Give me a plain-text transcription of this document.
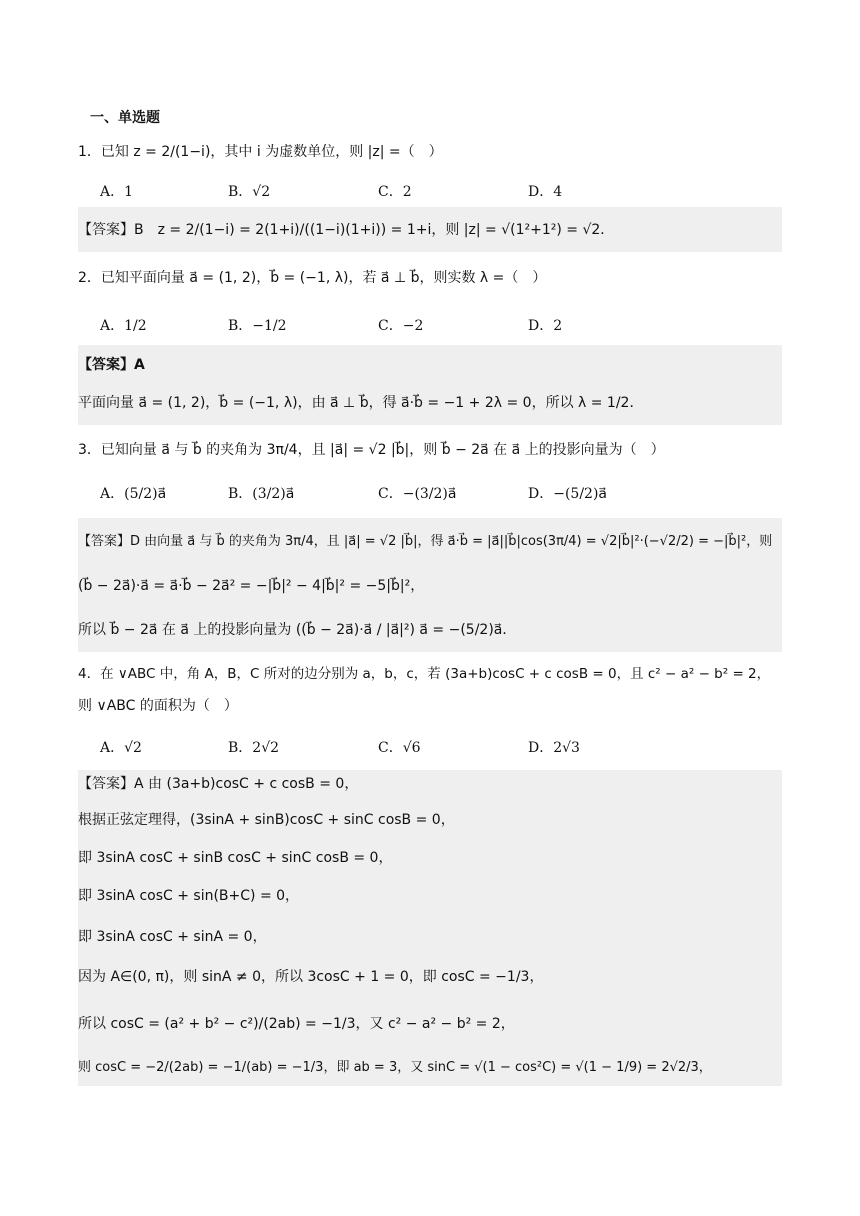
一、单选题
1．已知 z = 2/(1−i)，其中 i 为虚数单位，则 |z| =（　）
A．1	B．√2	C．2	D．4
【答案】B　z = 2/(1−i) = 2(1+i)/((1−i)(1+i)) = 1+i，则 |z| = √(1²+1²) = √2．
2．已知平面向量 a⃗ = (1, 2)，b⃗ = (−1, λ)，若 a⃗ ⊥ b⃗，则实数 λ =（　）
A．1/2	B．−1/2	C．−2	D．2
【答案】A
平面向量 a⃗ = (1, 2)，b⃗ = (−1, λ)，由 a⃗ ⊥ b⃗，得 a⃗·b⃗ = −1 + 2λ = 0，所以 λ = 1/2．
3．已知向量 a⃗ 与 b⃗ 的夹角为 3π/4，且 |a⃗| = √2 |b⃗|，则 b⃗ − 2a⃗ 在 a⃗ 上的投影向量为（　）
A．(5/2)a⃗	B．(3/2)a⃗	C．−(3/2)a⃗	D．−(5/2)a⃗
【答案】D 由向量 a⃗ 与 b⃗ 的夹角为 3π/4，且 |a⃗| = √2 |b⃗|，得 a⃗·b⃗ = |a⃗||b⃗|cos(3π/4) = √2|b⃗|²·(−√2/2) = −|b⃗|²，则
(b⃗ − 2a⃗)·a⃗ = a⃗·b⃗ − 2a⃗² = −|b⃗|² − 4|b⃗|² = −5|b⃗|²，
所以 b⃗ − 2a⃗ 在 a⃗ 上的投影向量为 ((b⃗ − 2a⃗)·a⃗ / |a⃗|²) a⃗ = −(5/2)a⃗．
4．在 ∨ABC 中，角 A，B，C 所对的边分别为 a，b，c，若 (3a+b)cosC + c cosB = 0，且 c² − a² − b² = 2，
则 ∨ABC 的面积为（　）
A．√2	B．2√2	C．√6	D．2√3
【答案】A 由 (3a+b)cosC + c cosB = 0，
根据正弦定理得，(3sinA + sinB)cosC + sinC cosB = 0，
即 3sinA cosC + sinB cosC + sinC cosB = 0，
即 3sinA cosC + sin(B+C) = 0，
即 3sinA cosC + sinA = 0，
因为 A∈(0, π)，则 sinA ≠ 0，所以 3cosC + 1 = 0，即 cosC = −1/3，
所以 cosC = (a² + b² − c²)/(2ab) = −1/3，又 c² − a² − b² = 2，
则 cosC = −2/(2ab) = −1/(ab) = −1/3，即 ab = 3，又 sinC = √(1 − cos²C) = √(1 − 1/9) = 2√2/3，
